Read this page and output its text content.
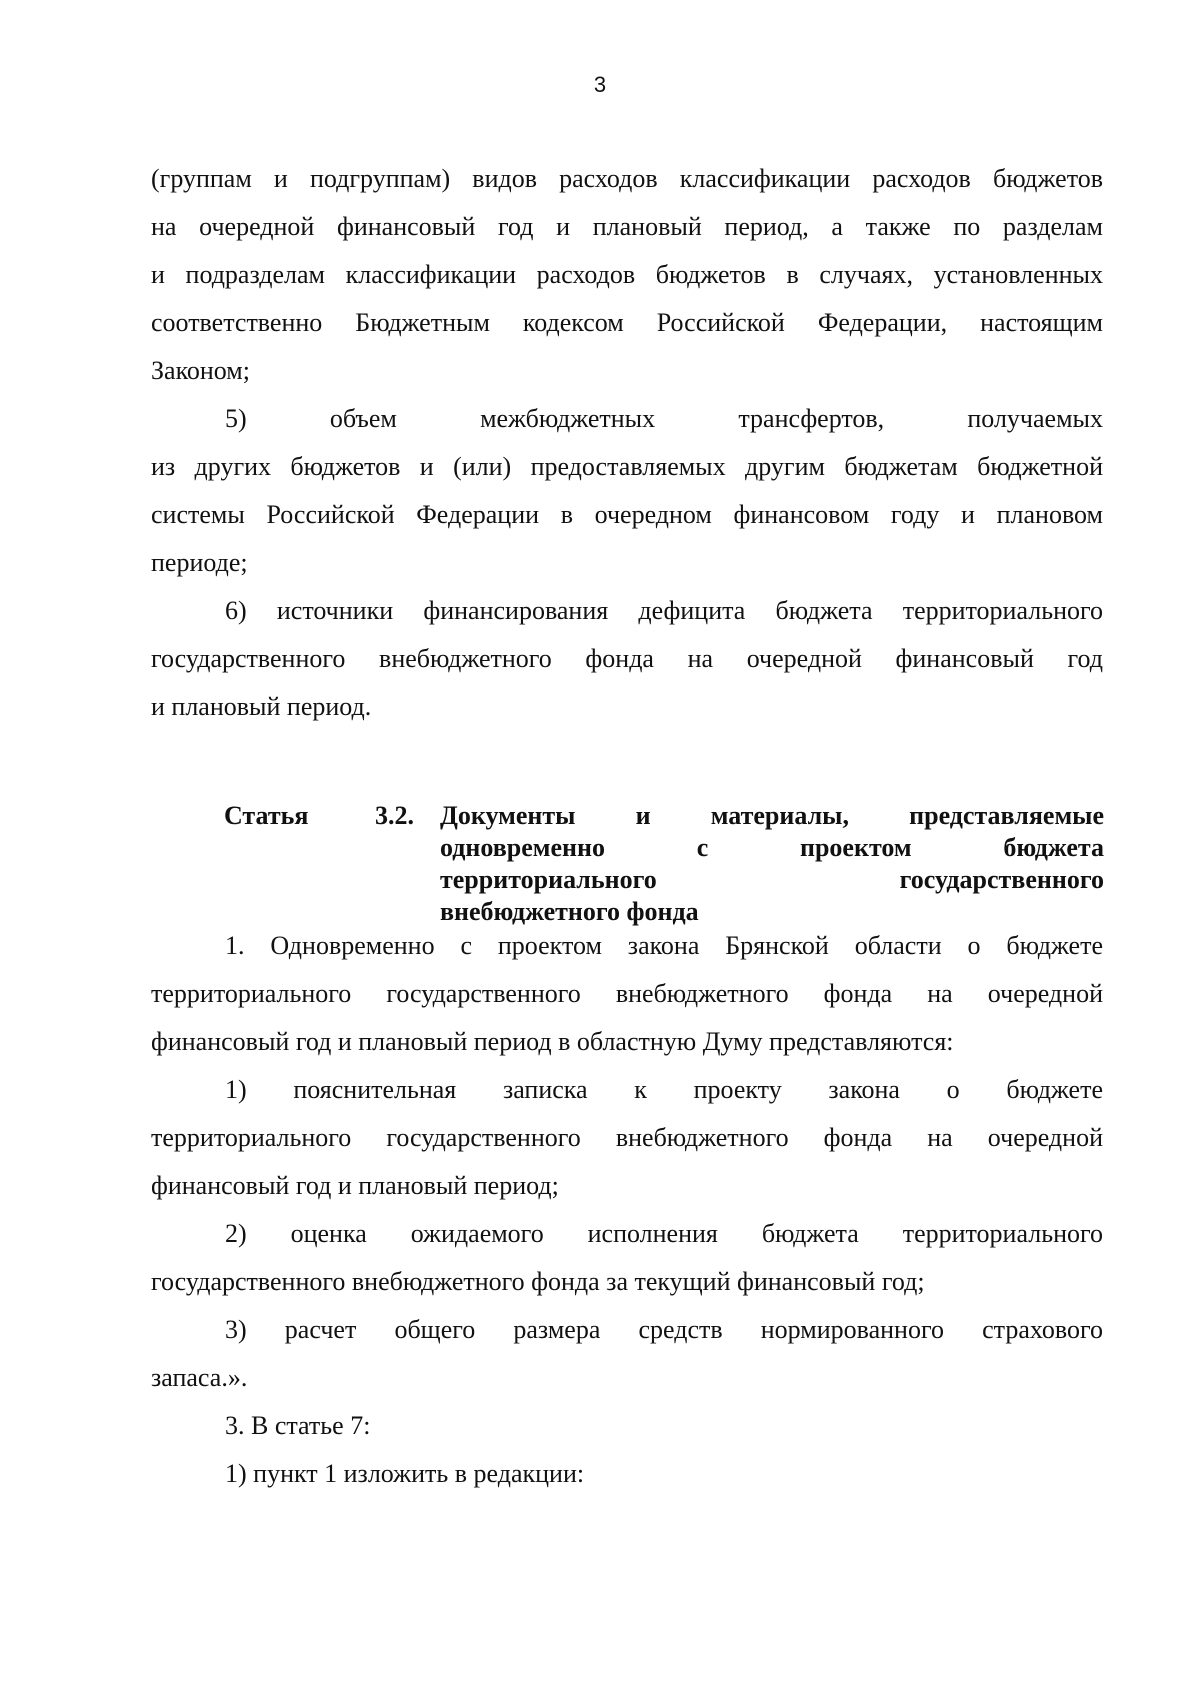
3
(группам и подгруппам) видов расходов классификации расходов бюджетов
на очередной финансовый год и плановый период, а также по разделам
и подразделам классификации расходов бюджетов в случаях, установленных
соответственно Бюджетным кодексом Российской Федерации, настоящим
Законом;
5) объем межбюджетных трансфертов, получаемых
из других бюджетов и (или) предоставляемых другим бюджетам бюджетной
системы Российской Федерации в очередном финансовом году и плановом
периоде;
6) источники финансирования дефицита бюджета территориального
государственного внебюджетного фонда на очередной финансовый год
и плановый период.
Статья	3.2. Документы и материалы, представляемые
одновременно с проектом бюджета
территориального государственного
внебюджетного фонда
1. Одновременно с проектом закона Брянской области о бюджете
территориального государственного внебюджетного фонда на очередной
финансовый год и плановый период в областную Думу представляются:
1) пояснительная записка к проекту закона о бюджете
территориального государственного внебюджетного фонда на очередной
финансовый год и плановый период;
2) оценка ожидаемого исполнения бюджета территориального
государственного внебюджетного фонда за текущий финансовый год;
3) расчет общего размера средств нормированного страхового
запаса.».
3. В статье 7:
1) пункт 1 изложить в редакции:
